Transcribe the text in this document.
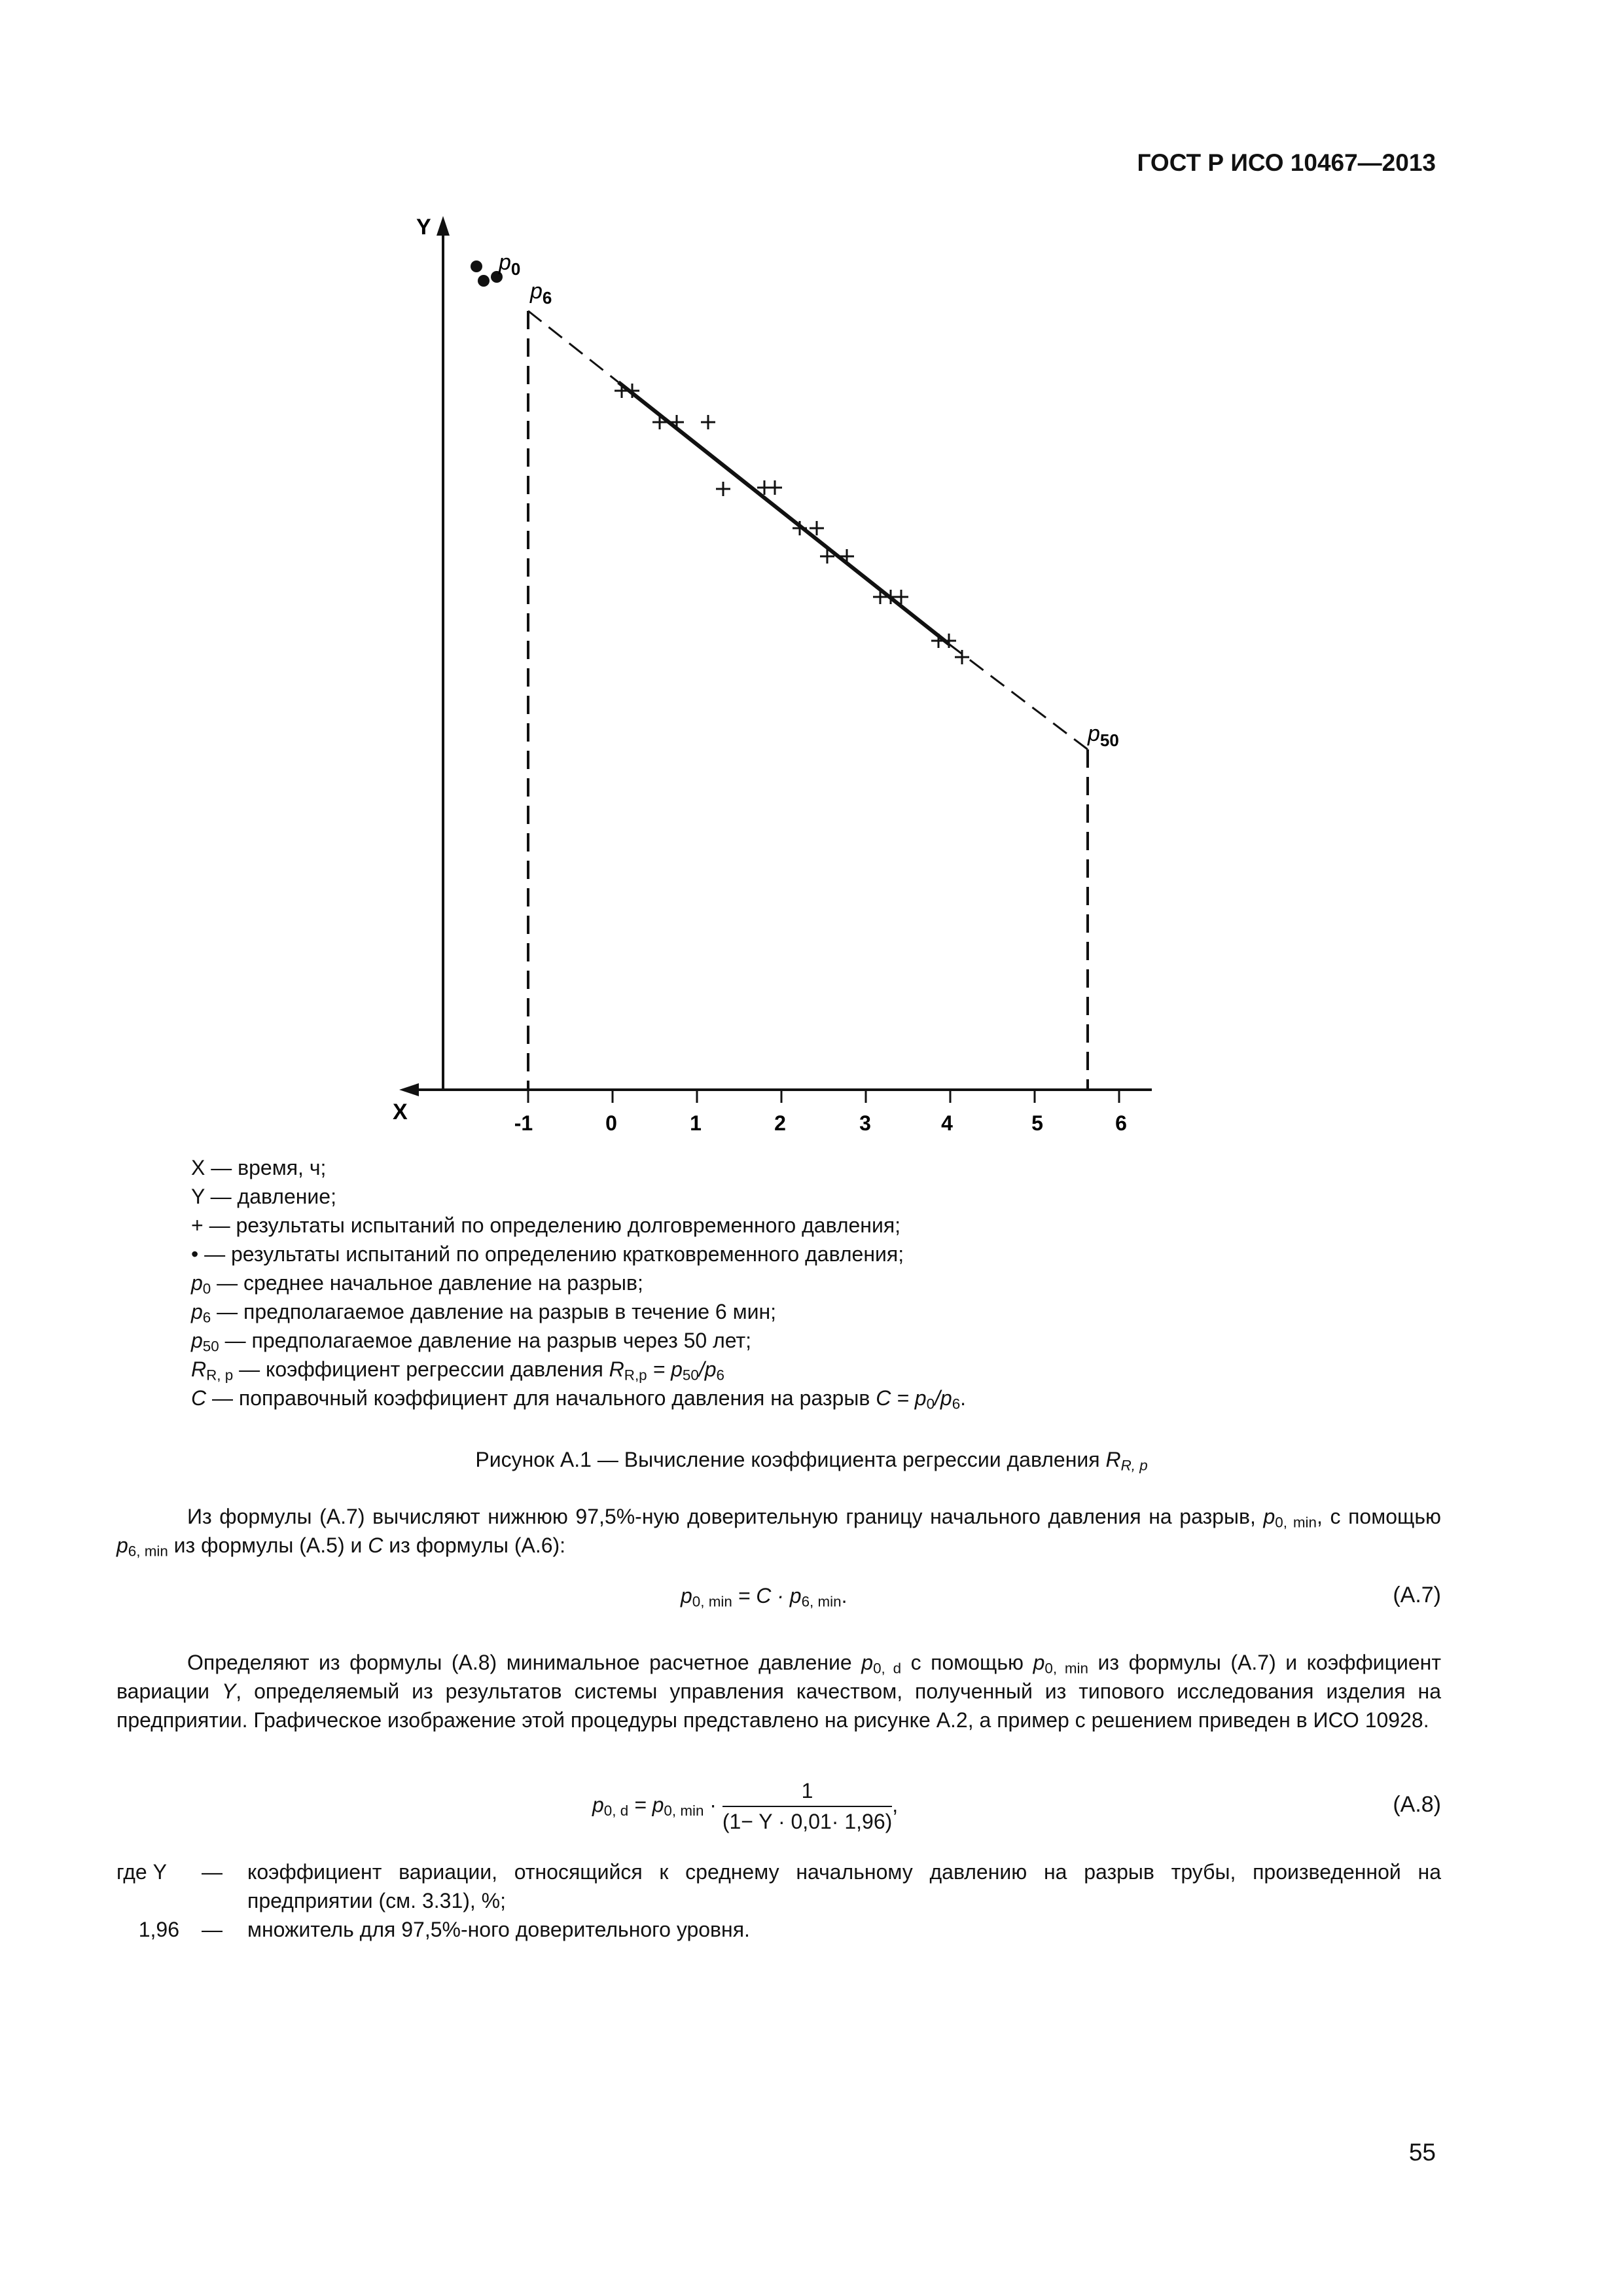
ГОСТ Р ИСО 10467—2013
Y
X	-1	0	1	2	3	4	5	6
$p_0$
$p_6$
$p_{50}$
X — время, ч;
Y — давление;
+ — результаты испытаний по определению долговременного давления;
• — результаты испытаний по определению кратковременного давления;
$p_0$ — среднее начальное давление на разрыв;
$p_6$ — предполагаемое давление на разрыв в течение 6 мин;
$p_{50}$ — предполагаемое давление на разрыв через 50 лет;
$R_{R, p}$ — коэффициент регрессии давления $R_{R,p} = p_{50}/p_6$
C — поправочный коэффициент для начального давления на разрыв $C = p_0/p_6$.
Рисунок А.1 — Вычисление коэффициента регрессии давления $R_{R, p}$
Из формулы (А.7) вычисляют нижнюю 97,5%-ную доверительную границу начального давления на разрыв, $p_{0, min}$, с помощью $p_{6, min}$ из формулы (А.5) и C из формулы (А.6):
$p_{0, min} = C \cdot p_{6, min}$.	(A.7)
Определяют из формулы (А.8) минимальное расчетное давление $p_{0, d}$ с помощью $p_{0, min}$ из формулы (А.7) и коэффициент вариации Y, определяемый из результатов системы управления качеством, полученный из типового исследования изделия на предприятии. Графическое изображение этой процедуры представлено на рисунке А.2, а пример с решением приведен в ИСО 10928.
$p_{0, d} = p_{0, min} \cdot \frac{1}{(1- Y \cdot 0,01\cdot 1,96)}$ ,	(A.8)
где Y	— коэффициент вариации, относящийся к среднему начальному давлению на разрыв трубы, произведенной на предприятии (см. 3.31), %;
1,96 — множитель для 97,5%-ного доверительного уровня.
55
